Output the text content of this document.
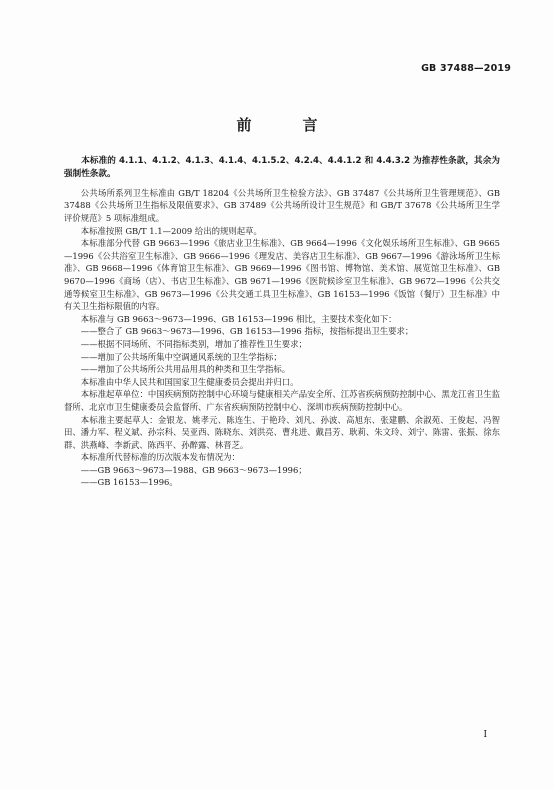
GB 37488—2019
前　言

本标准的 4.1.1、4.1.2、4.1.3、4.1.4、4.1.5.2、4.2.4、4.4.1.2 和 4.4.3.2 为推荐性条款，其余为强制性条款。

公共场所系列卫生标准由 GB/T 18204《公共场所卫生检验方法》、GB 37487《公共场所卫生管理规范》、GB 37488《公共场所卫生指标及限值要求》、GB 37489《公共场所设计卫生规范》和 GB/T 37678《公共场所卫生学评价规范》5 项标准组成。

本标准按照 GB/T 1.1—2009 给出的规则起草。

本标准部分代替 GB 9663—1996《旅店业卫生标准》、GB 9664—1996《文化娱乐场所卫生标准》、GB 9665—1996《公共浴室卫生标准》、GB 9666—1996《理发店、美容店卫生标准》、GB 9667—1996《游泳场所卫生标准》、GB 9668—1996《体育馆卫生标准》、GB 9669—1996《图书馆、博物馆、美术馆、展览馆卫生标准》、GB 9670—1996《商场（店）、书店卫生标准》、GB 9671—1996《医院候诊室卫生标准》、GB 9672—1996《公共交通等候室卫生标准》、GB 9673—1996《公共交通工具卫生标准》、GB 16153—1996《饭馆（餐厅）卫生标准》中有关卫生指标限值的内容。

本标准与 GB 9663～9673—1996、GB 16153—1996 相比，主要技术变化如下：

——整合了 GB 9663～9673—1996、GB 16153—1996 指标，按指标提出卫生要求；

——根据不同场所、不同指标类别，增加了推荐性卫生要求；

——增加了公共场所集中空调通风系统的卫生学指标；

——增加了公共场所公共用品用具的种类和卫生学指标。

本标准由中华人民共和国国家卫生健康委员会提出并归口。

本标准起草单位：中国疾病预防控制中心环境与健康相关产品安全所、江苏省疾病预防控制中心、黑龙江省卫生监督所、北京市卫生健康委员会监督所、广东省疾病预防控制中心、深圳市疾病预防控制中心。

本标准主要起草人：金银龙、姚孝元、陈连生、于艳玲、刘凡、孙波、高旭东、张建鹏、余淑苑、王俊起、冯智田、潘力军、程义斌、孙宗科、吴亚西、陈晓东、刘洪亮、曹兆进、戴昌芳、耿莉、朱文玲、刘宁、陈雷、张振、徐东群、洪燕峰、李新武、陈西平、孙醉露、林晋芝。

本标准所代替标准的历次版本发布情况为：

——GB 9663～9673—1988、GB 9663～9673—1996；

——GB 16153—1996。

I
